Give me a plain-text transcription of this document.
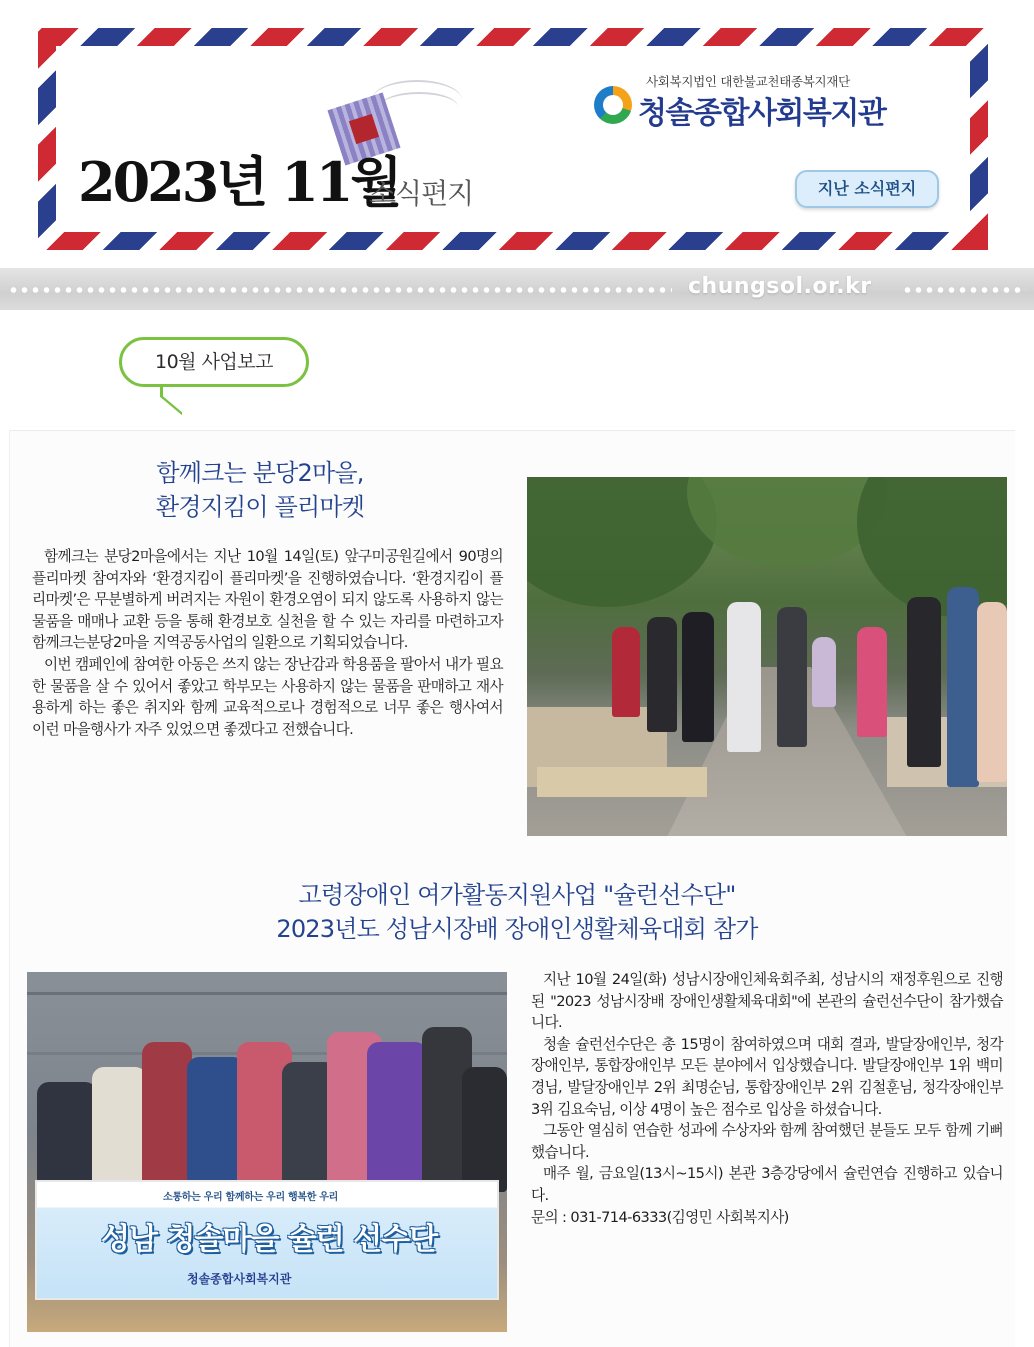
2023년 11월
소식편지
사회복지법인 대한불교천태종복지재단
청솔종합사회복지관
지난 소식편지
chungsol.or.kr
10월 사업보고
함께크는 분당2마을,
환경지킴이 플리마켓

함께크는 분당2마을에서는 지난 10월 14일(토) 앞구미공원길에서 90명의 플리마켓 참여자와 ‘환경지킴이 플리마켓’을 진행하였습니다. ‘환경지킴이 플리마켓’은 무분별하게 버려지는 자원이 환경오염이 되지 않도록 사용하지 않는 물품을 매매나 교환 등을 통해 환경보호 실천을 할 수 있는 자리를 마련하고자 함께크는분당2마을 지역공동사업의 일환으로 기획되었습니다.

이번 캠페인에 참여한 아동은 쓰지 않는 장난감과 학용품을 팔아서 내가 필요한 물품을 살 수 있어서 좋았고 학부모는 사용하지 않는 물품을 판매하고 재사용하게 하는 좋은 취지와 함께 교육적으로나 경험적으로 너무 좋은 행사여서 이런 마을행사가 자주 있었으면 좋겠다고 전했습니다.

고령장애인 여가활동지원사업 "슐런선수단"
2023년도 성남시장배 장애인생활체육대회 참가
소통하는 우리 함께하는 우리 행복한 우리
성남 청솔마을 슐런 선수단
청솔종합사회복지관

지난 10월 24일(화) 성남시장애인체육회주최, 성남시의 재정후원으로 진행된 "2023 성남시장배 장애인생활체육대회"에 본관의 슐런선수단이 참가했습니다.

청솔 슐런선수단은 총 15명이 참여하였으며 대회 결과, 발달장애인부, 청각장애인부, 통합장애인부 모든 분야에서 입상했습니다. 발달장애인부 1위 백미경님, 발달장애인부 2위 최명순님, 통합장애인부 2위 김철훈님, 청각장애인부 3위 김요숙님, 이상 4명이 높은 점수로 입상을 하셨습니다.

그동안 열심히 연습한 성과에 수상자와 함께 참여했던 분들도 모두 함께 기뻐했습니다.

매주 월, 금요일(13시~15시) 본관 3층강당에서 슐런연습 진행하고 있습니다.

문의 : 031-714-6333(김영민 사회복지사)
